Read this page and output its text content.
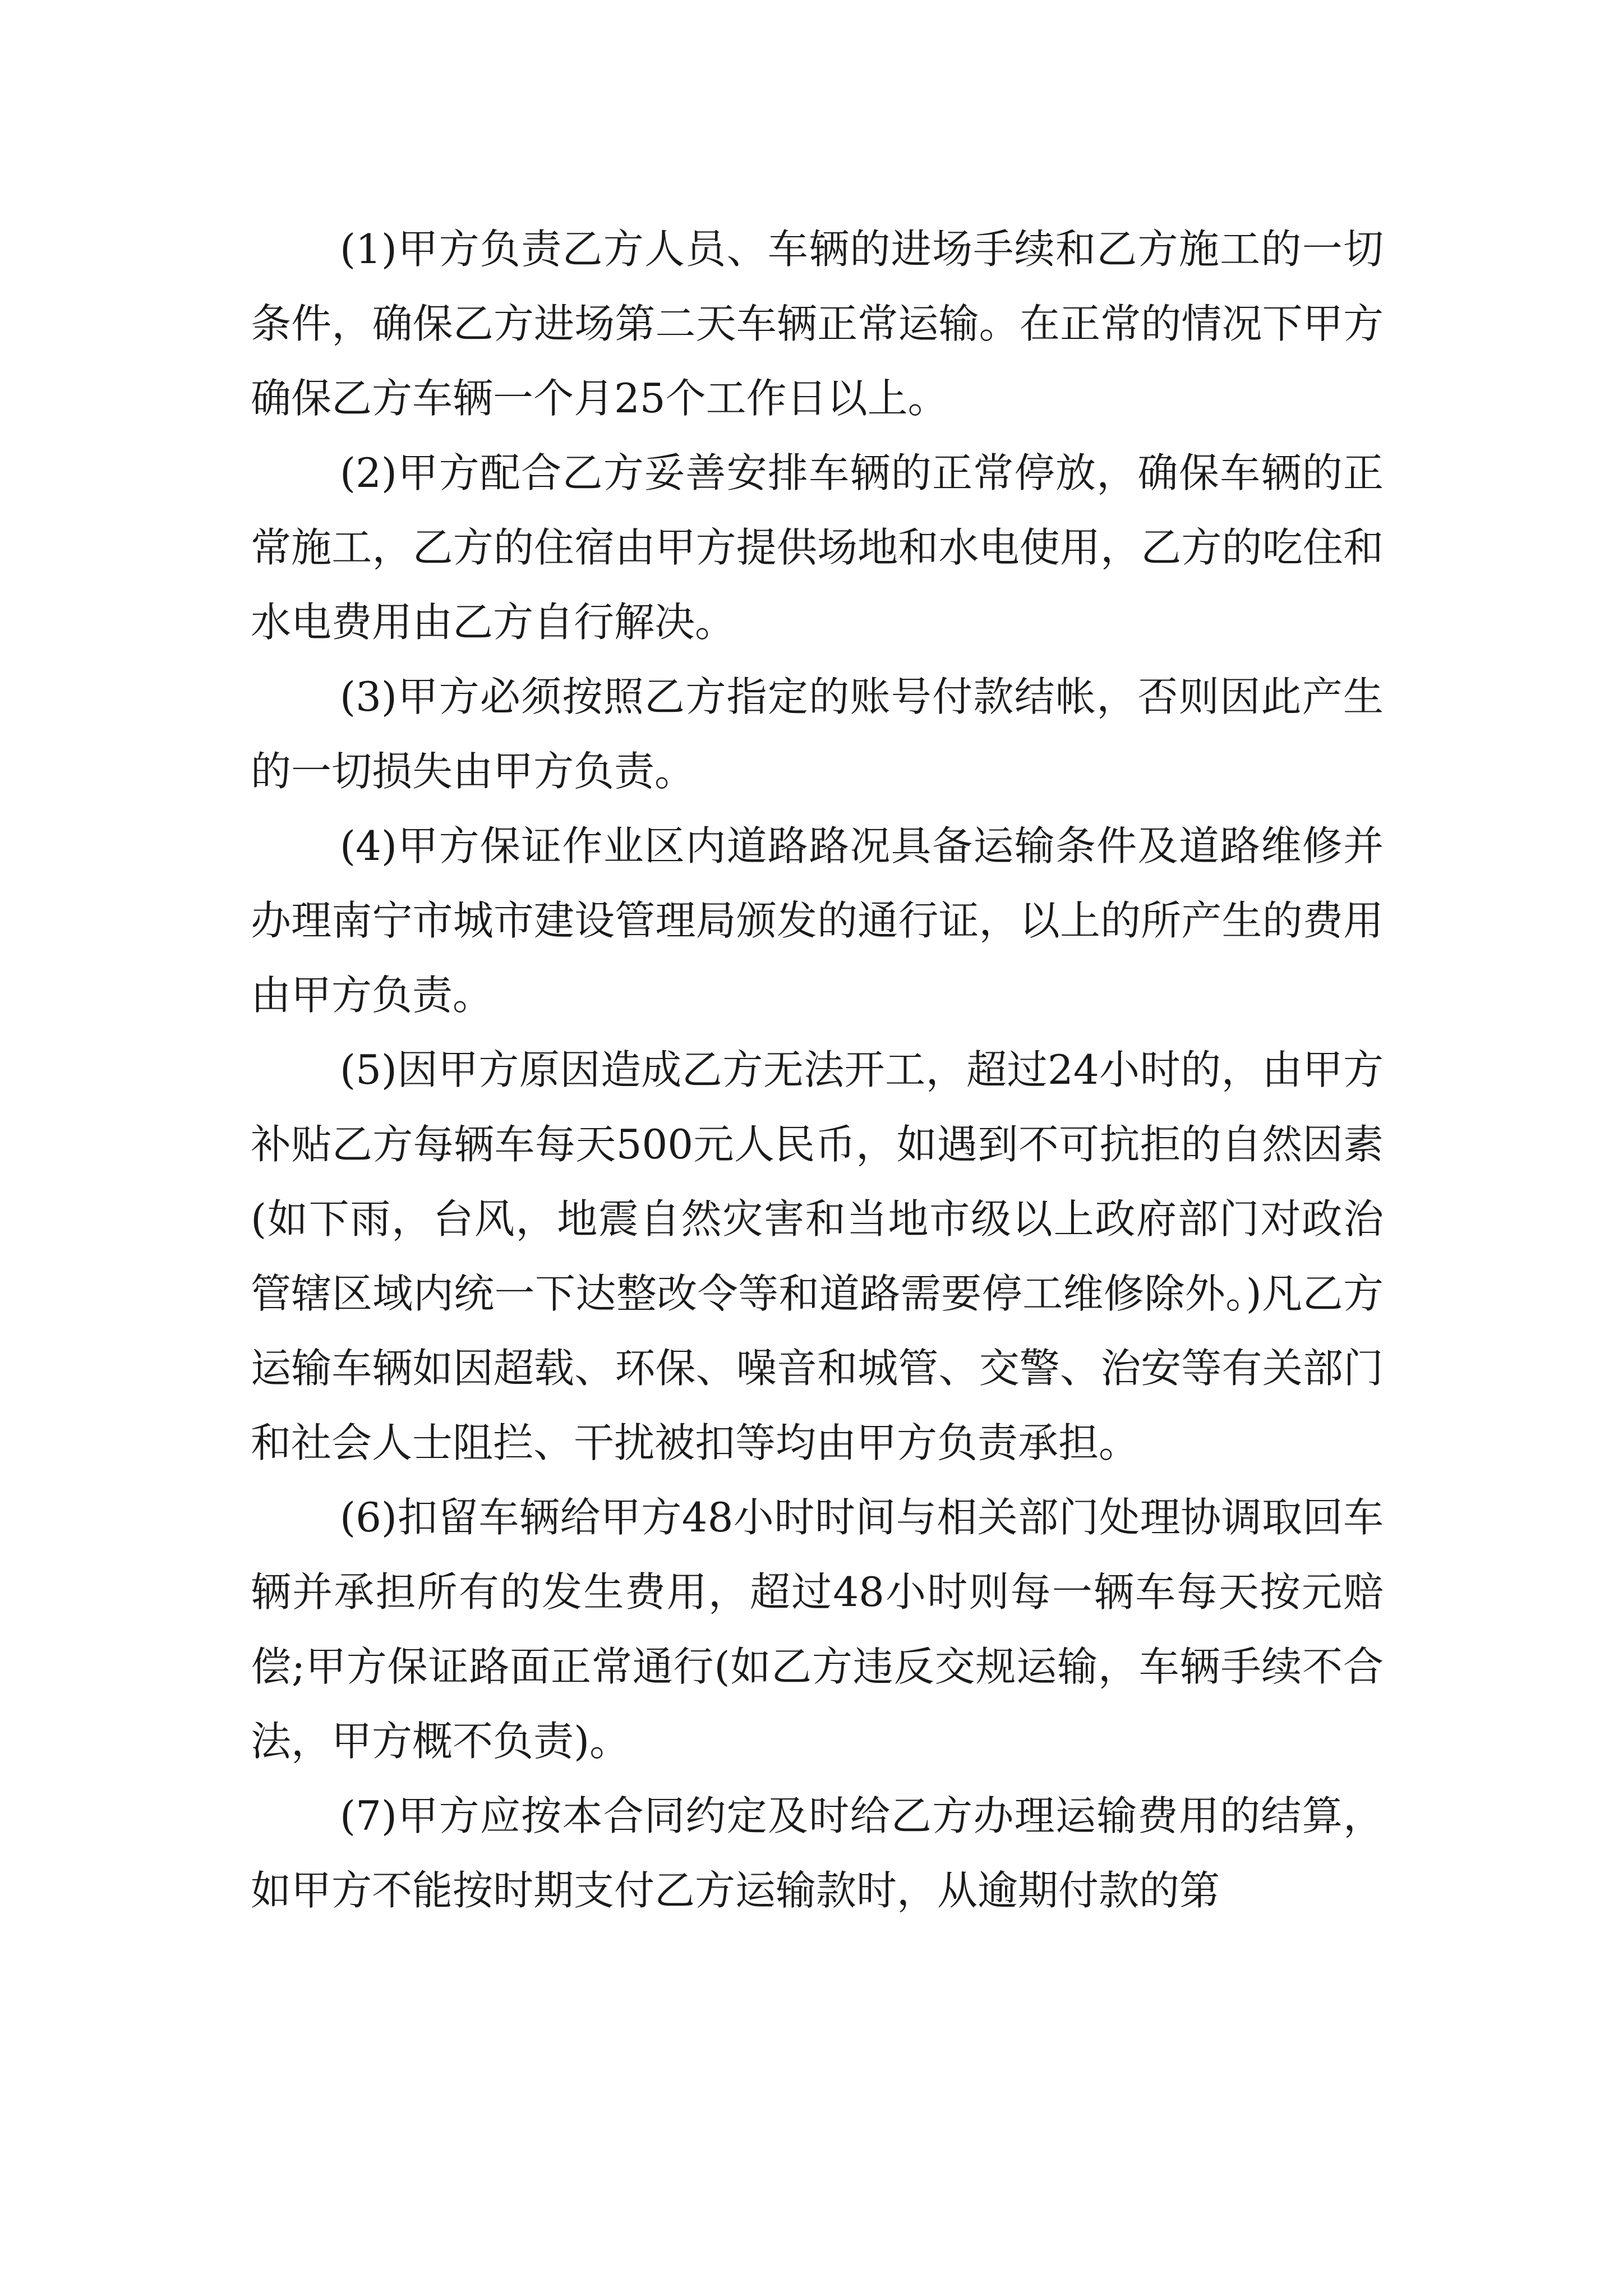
(1)甲方负责乙方人员、车辆的进场手续和乙方施工的一切条件，确保乙方进场第二天车辆正常运输。在正常的情况下甲方确保乙方车辆一个月25个工作日以上。

(2)甲方配合乙方妥善安排车辆的正常停放，确保车辆的正常施工，乙方的住宿由甲方提供场地和水电使用，乙方的吃住和水电费用由乙方自行解决。

(3)甲方必须按照乙方指定的账号付款结帐，否则因此产生的一切损失由甲方负责。

(4)甲方保证作业区内道路路况具备运输条件及道路维修并办理南宁市城市建设管理局颁发的通行证，以上的所产生的费用由甲方负责。

(5)因甲方原因造成乙方无法开工，超过24小时的，由甲方补贴乙方每辆车每天500元人民币，如遇到不可抗拒的自然因素(如下雨，台风，地震自然灾害和当地市级以上政府部门对政治管辖区域内统一下达整改令等和道路需要停工维修除外。)凡乙方运输车辆如因超载、环保、噪音和城管、交警、治安等有关部门和社会人士阻拦、干扰被扣等均由甲方负责承担。

(6)扣留车辆给甲方48小时时间与相关部门处理协调取回车辆并承担所有的发生费用，超过48小时则每一辆车每天按元赔偿;甲方保证路面正常通行(如乙方违反交规运输，车辆手续不合法，甲方概不负责)。

(7)甲方应按本合同约定及时给乙方办理运输费用的结算，如甲方不能按时期支付乙方运输款时，从逾期付款的第
